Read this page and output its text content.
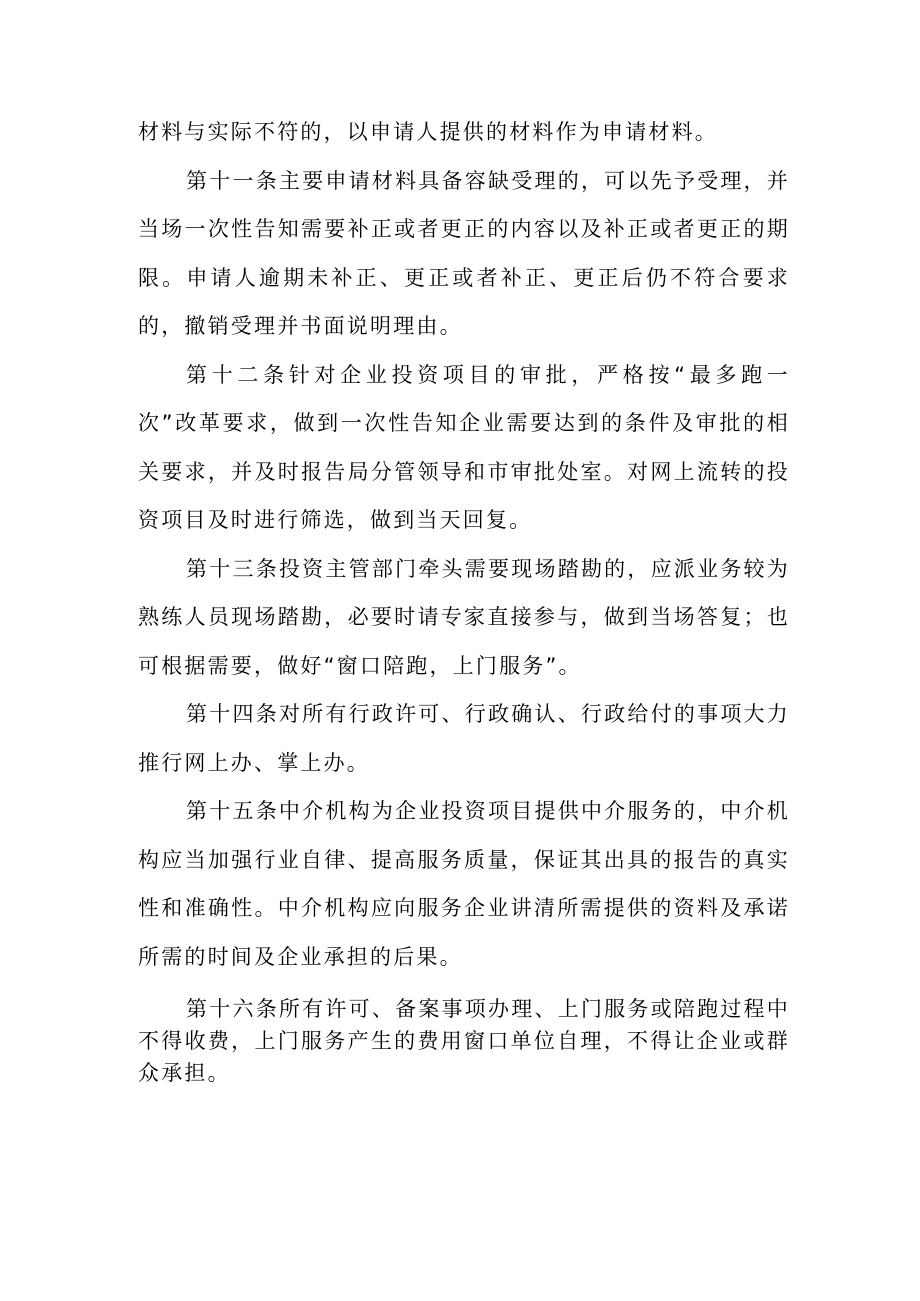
材料与实际不符的，以申请人提供的材料作为申请材料。

第十一条主要申请材料具备容缺受理的，可以先予受理，并当场一次性告知需要补正或者更正的内容以及补正或者更正的期限。申请人逾期未补正、更正或者补正、更正后仍不符合要求的，撤销受理并书面说明理由。

第十二条针对企业投资项目的审批，严格按“最多跑一次”改革要求，做到一次性告知企业需要达到的条件及审批的相关要求，并及时报告局分管领导和市审批处室。对网上流转的投资项目及时进行筛选，做到当天回复。

第十三条投资主管部门牵头需要现场踏勘的，应派业务较为熟练人员现场踏勘，必要时请专家直接参与，做到当场答复；也可根据需要，做好“窗口陪跑，上门服务”。

第十四条对所有行政许可、行政确认、行政给付的事项大力推行网上办、掌上办。

第十五条中介机构为企业投资项目提供中介服务的，中介机构应当加强行业自律、提高服务质量，保证其出具的报告的真实性和准确性。中介机构应向服务企业讲清所需提供的资料及承诺所需的时间及企业承担的后果。

第十六条所有许可、备案事项办理、上门服务或陪跑过程中不得收费，上门服务产生的费用窗口单位自理，不得让企业或群众承担。
